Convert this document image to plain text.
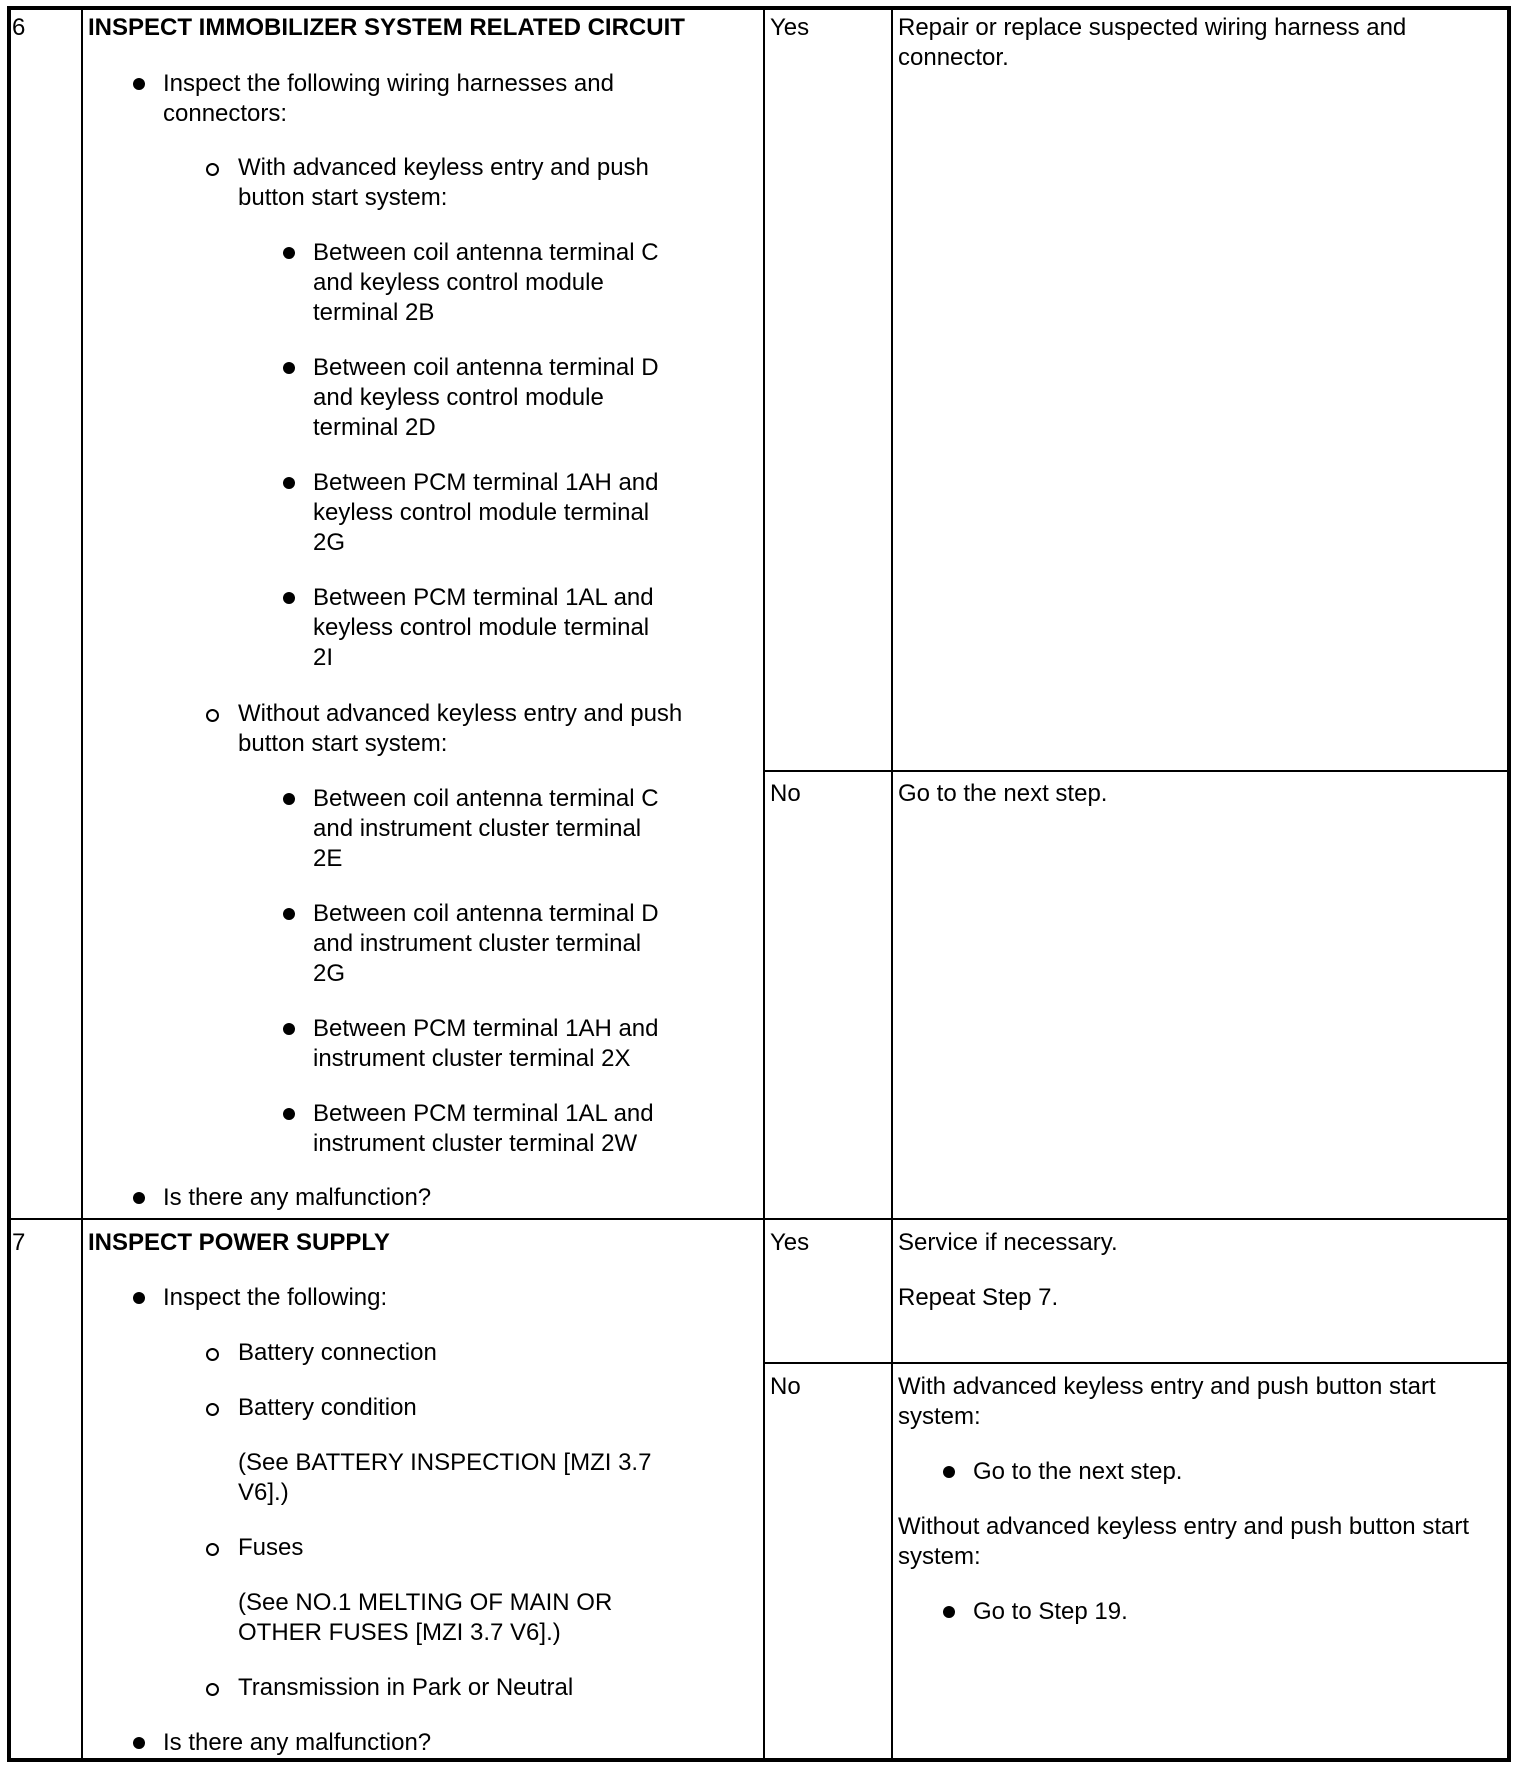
6	INSPECT IMMOBILIZER SYSTEM RELATED CIRCUIT
Inspect the following wiring harnesses and
connectors:
With advanced keyless entry and push
button start system:
Between coil antenna terminal C
and keyless control module
terminal 2B
Between coil antenna terminal D
and keyless control module
terminal 2D
Between PCM terminal 1AH and
keyless control module terminal
2G
Between PCM terminal 1AL and
keyless control module terminal
2I
Without advanced keyless entry and push
button start system:
Between coil antenna terminal C
and instrument cluster terminal
2E
Between coil antenna terminal D
and instrument cluster terminal
2G
Between PCM terminal 1AH and
instrument cluster terminal 2X
Between PCM terminal 1AL and
instrument cluster terminal 2W
Is there any malfunction?
Yes	Repair or replace suspected wiring harness and
connector.
No	Go to the next step.
7	INSPECT POWER SUPPLY
Inspect the following:
Battery connection
Battery condition
(See BATTERY INSPECTION [MZI 3.7
V6].)
Fuses
(See NO.1 MELTING OF MAIN OR
OTHER FUSES [MZI 3.7 V6].)
Transmission in Park or Neutral
Is there any malfunction?
Yes	Service if necessary.
Repeat Step 7.
No	With advanced keyless entry and push button start
system:
Go to the next step.
Without advanced keyless entry and push button start
system:
Go to Step 19.
